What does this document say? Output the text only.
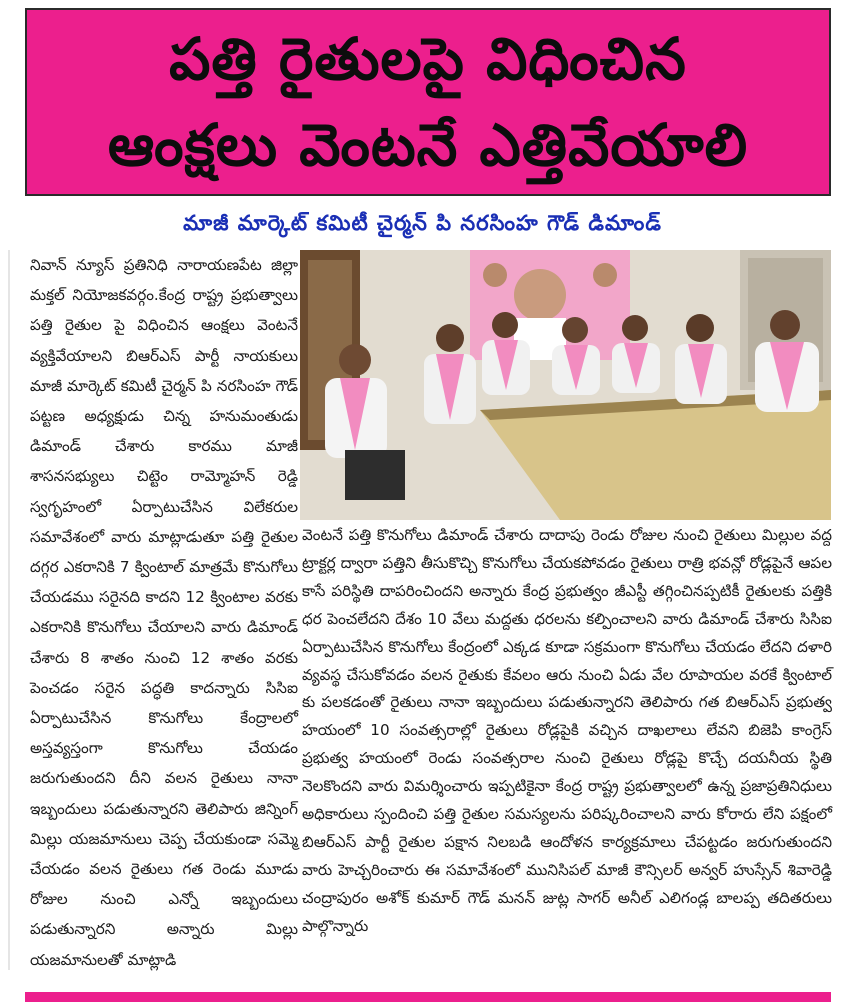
పత్తి రైతులపై విధించిన
ఆంక్షలు వెంటనే ఎత్తివేయాలి
మాజీ మార్కెట్ కమిటీ చైర్మన్ పి నరసింహ గౌడ్ డిమాండ్

నివాన్ న్యూస్ ప్రతినిధి నారాయణపేట జిల్లా మక్తల్ నియోజకవర్గం.కేంద్ర రాష్ట్ర ప్రభుత్వాలు పత్తి రైతుల పై విధించిన ఆంక్షలు వెంటనే వ్యక్తివేయాలని బిఆర్ఎస్ పార్టీ నాయకులు మాజీ మార్కెట్ కమిటీ చైర్మన్ పి నరసింహ గౌడ్ పట్టణ అధ్యక్షుడు చిన్న హనుమంతుడు డిమాండ్ చేశారు కారము మాజీ శాసనసభ్యులు చిట్టెం రామ్మోహన్ రెడ్డి స్వగృహంలో ఏర్పాటుచేసిన విలేకరుల సమావేశంలో వారు మాట్లాడుతూ పత్తి రైతుల దగ్గర ఎకరానికి 7 క్వింటాల్ మాత్రమే కొనుగోలు చేయడము సరైనది కాదని 12 క్వింటాల వరకు ఎకరానికి కొనుగోలు చేయాలని వారు డిమాండ్ చేశారు 8 శాతం నుంచి 12 శాతం వరకు పెంచడం సరైన పద్ధతి కాదన్నారు సిసిఐ ఏర్పాటుచేసిన కొనుగోలు కేంద్రాలలో అస్తవ్యస్తంగా కొనుగోలు చేయడం జరుగుతుందని దీని వలన రైతులు నానా ఇబ్బందులు పడుతున్నారని తెలిపారు జిన్నింగ్ మిల్లు యజమానులు చెప్ప చేయకుండా సమ్మె చేయడం వలన రైతులు గత రెండు మూడు రోజుల నుంచి ఎన్నో ఇబ్బందులు పడుతున్నారని అన్నారు మిల్లు యజమానులతో మాట్లాడి

వెంటనే పత్తి కొనుగోలు డిమాండ్ చేశారు దాదాపు రెండు రోజుల నుంచి రైతులు మిల్లుల వద్ద ట్రాక్టర్ల ద్వారా పత్తిని తీసుకొచ్చి కొనుగోలు చేయకపోవడం రైతులు రాత్రి భవన్లో రోడ్లపైనే ఆపల కాసే పరిస్థితి దాపరించిందని అన్నారు కేంద్ర ప్రభుత్వం జీఎస్టీ తగ్గించినప్పటికీ రైతులకు పత్తికి ధర పెంచలేదని దేశం 10 వేలు మద్దతు ధరలను కల్పించాలని వారు డిమాండ్ చేశారు సిసిఐ ఏర్పాటుచేసిన కొనుగోలు కేంద్రంలో ఎక్కడ కూడా సక్రమంగా కొనుగోలు చేయడం లేదని దళారి వ్యవస్థ చేసుకోవడం వలన రైతుకు కేవలం ఆరు నుంచి ఏడు వేల రూపాయల వరకే క్వింటాల్ కు పలకడంతో రైతులు నానా ఇబ్బందులు పడుతున్నారని తెలిపారు గత బిఆర్ఎస్ ప్రభుత్వ హయంలో 10 సంవత్సరాల్లో రైతులు రోడ్లపైకి వచ్చిన దాఖలాలు లేవని బిజెపి కాంగ్రెస్ ప్రభుత్వ హయంలో రెండు సంవత్సరాల నుంచి రైతులు రోడ్లపై కొచ్చే దయనీయ స్థితి నెలకొందని వారు విమర్శించారు ఇప్పటికైనా కేంద్ర రాష్ట్ర ప్రభుత్వాలలో ఉన్న ప్రజాప్రతినిధులు అధికారులు స్పందించి పత్తి రైతుల సమస్యలను పరిష్కరించాలని వారు కోరారు లేని పక్షంలో బిఆర్ఎస్ పార్టీ రైతుల పక్షాన నిలబడి ఆందోళన కార్యక్రమాలు చేపట్టడం జరుగుతుందని వారు హెచ్చరించారు ఈ సమావేశంలో మునిసిపల్ మాజీ కౌన్సిలర్ అన్వర్ హుస్సేన్ శివారెడ్డి చంద్రాపురం అశోక్ కుమార్ గౌడ్ మనన్ జుట్ల సాగర్ అనీల్ ఎలిగండ్ల బాలప్ప తదితరులు పాల్గొన్నారు
